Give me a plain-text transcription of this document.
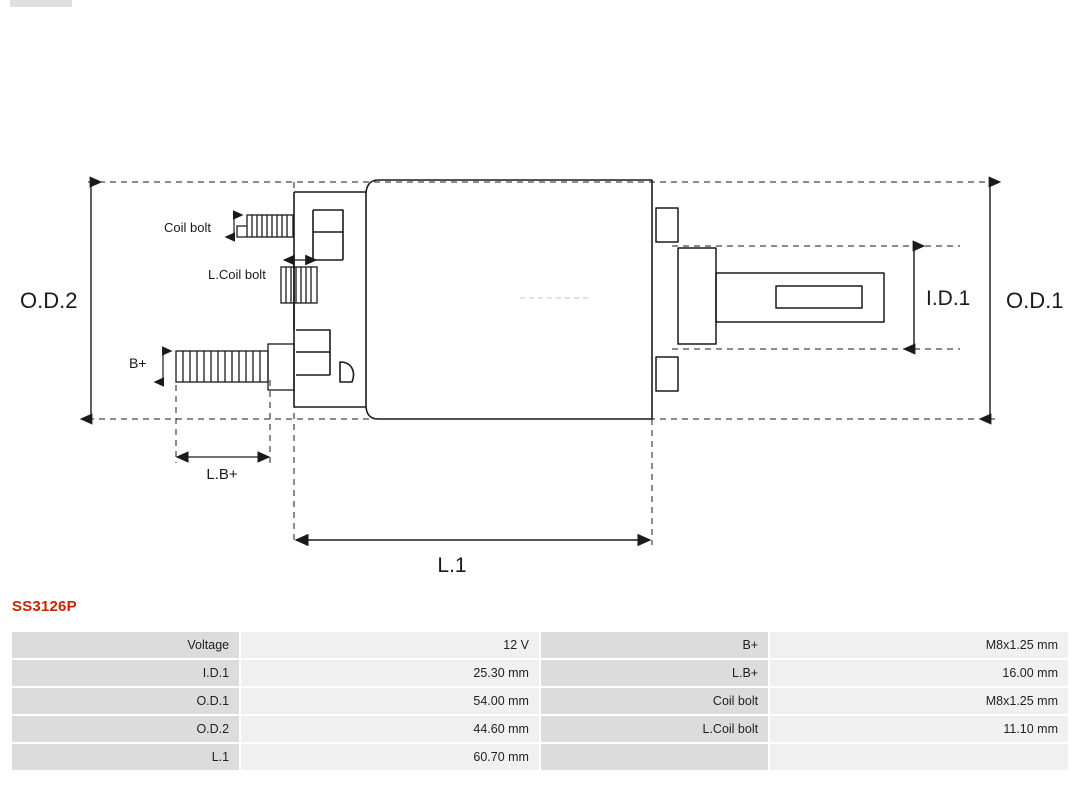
O.D.2	O.D.1
I.D.1
L.1
L.B+
B+
Coil bolt
L.Coil bolt
SS3126P
Voltage	12 V	B+	M8x1.25 mm
I.D.1	25.30 mm	L.B+	16.00 mm
O.D.1	54.00 mm	Coil bolt	M8x1.25 mm
O.D.2	44.60 mm	L.Coil bolt	11.10 mm
L.1	60.70 mm		
